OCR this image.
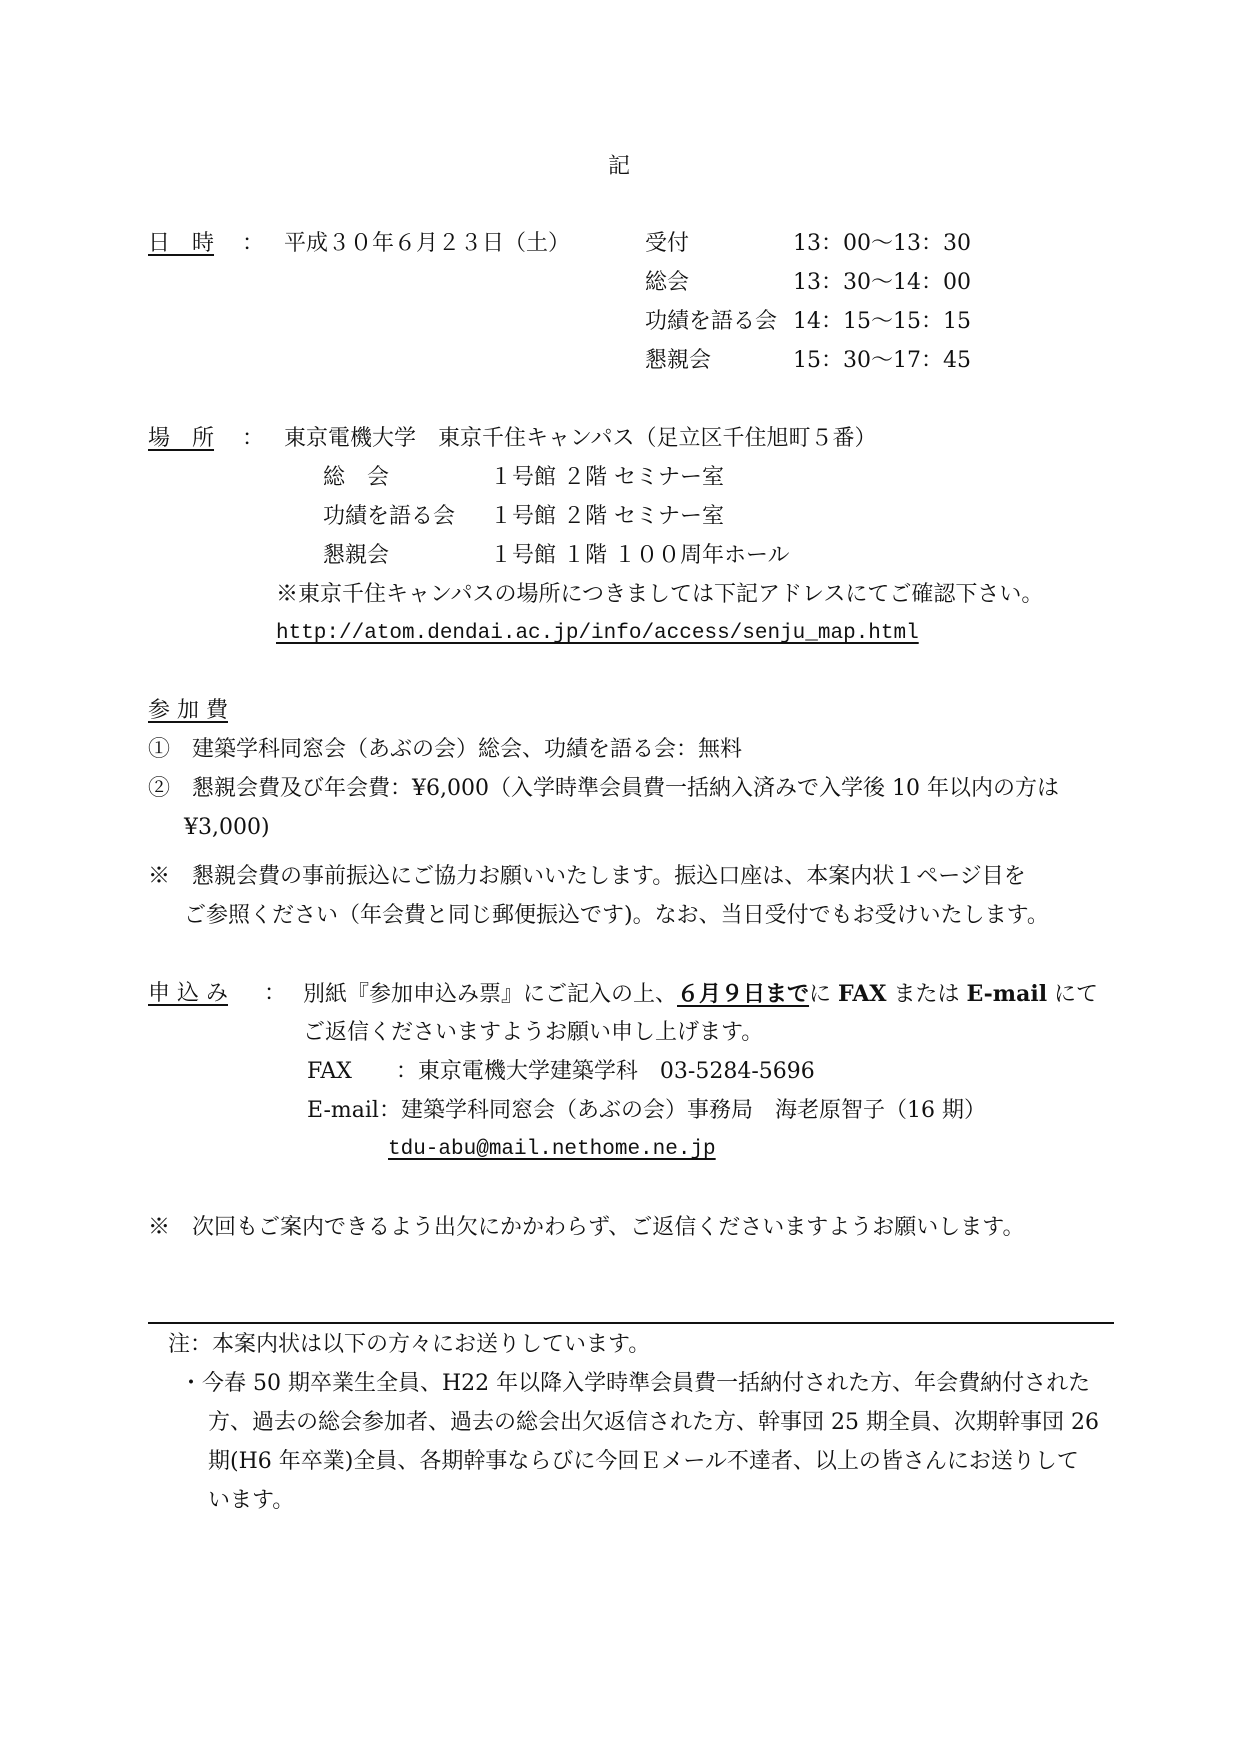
記
日　時 ： 平成３０年６月２３日（土）	受付	13：00〜13：30
総会	13：30〜14：00
功績を語る会 14：15〜15：15
懇親会	15：30〜17：45
場　所 ： 東京電機大学　東京千住キャンパス（足立区千住旭町５番）
総　会	１号館 ２階 セミナー室
功績を語る会 １号館 ２階 セミナー室
懇親会	１号館 １階 １００周年ホール
※東京千住キャンパスの場所につきましては下記アドレスにてご確認下さい。
http://atom.dendai.ac.jp/info/access/senju_map.html
参 加 費
①　建築学科同窓会（あぶの会）総会、功績を語る会：無料
②　懇親会費及び年会費：¥6,000（入学時準会員費一括納入済みで入学後 10 年以内の方は
¥3,000)
※　懇親会費の事前振込にご協力お願いいたします。振込口座は、本案内状１ページ目を
ご参照ください（年会費と同じ郵便振込です)。なお、当日受付でもお受けいたします。
申 込 み ： 別紙『参加申込み票』にご記入の上、６月９日までに FAX または E-mail にて
ご返信くださいますようお願い申し上げます。
FAX　　：東京電機大学建築学科　03-5284-5696
E-mail：建築学科同窓会（あぶの会）事務局　海老原智子（16 期）
tdu-abu@mail.nethome.ne.jp
※　次回もご案内できるよう出欠にかかわらず、ご返信くださいますようお願いします。
注：本案内状は以下の方々にお送りしています。
・今春 50 期卒業生全員、H22 年以降入学時準会員費一括納付された方、年会費納付された
方、過去の総会参加者、過去の総会出欠返信された方、幹事団 25 期全員、次期幹事団 26
期(H6 年卒業)全員、各期幹事ならびに今回Ｅメール不達者、以上の皆さんにお送りして
います。
